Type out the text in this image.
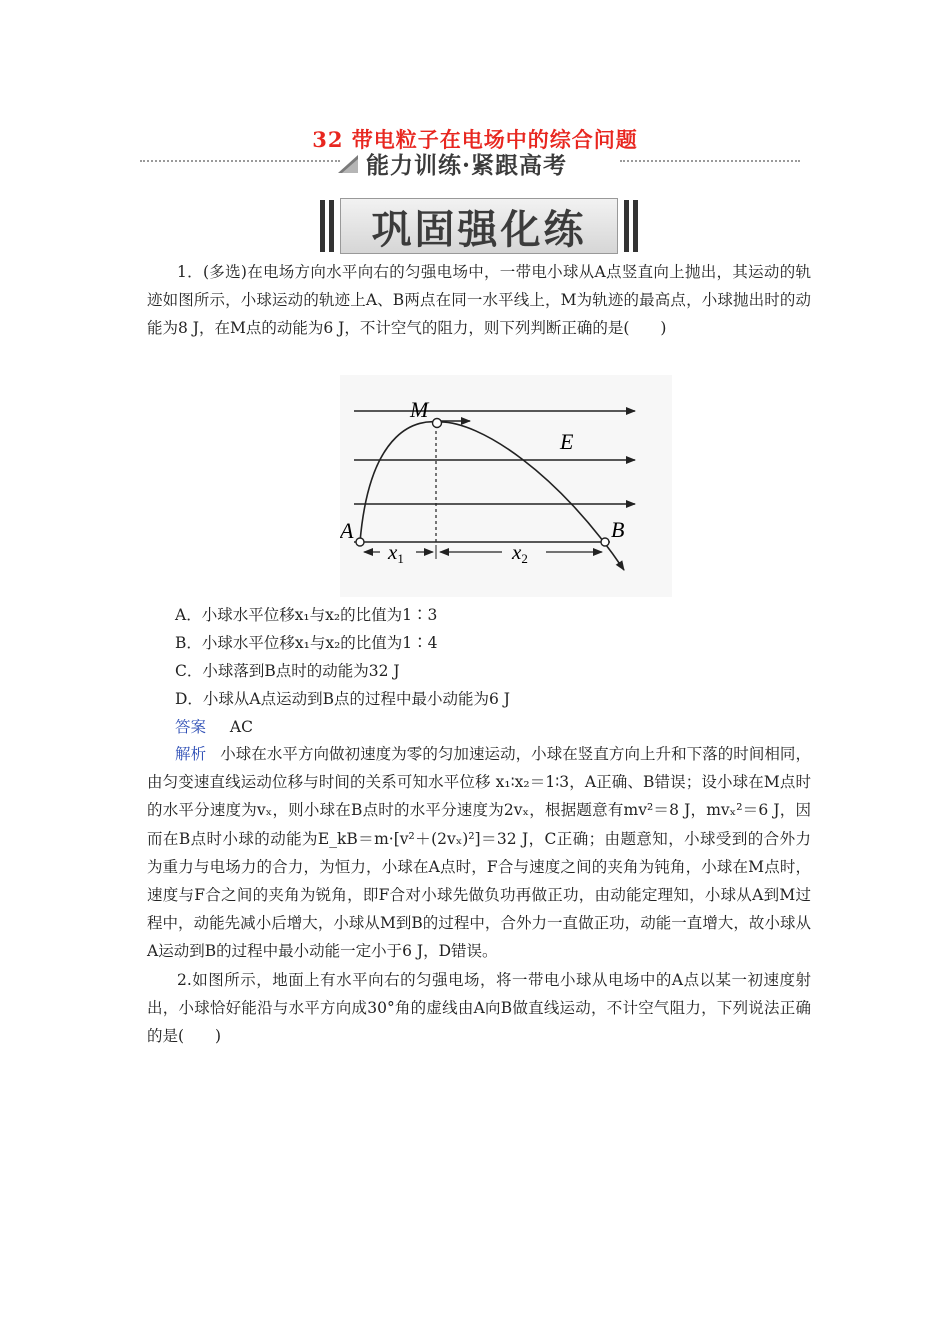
32 带电粒子在电场中的综合问题
能力训练·紧跟高考
巩固强化练
1．(多选)在电场方向水平向右的匀强电场中，一带电小球从A点竖直向上抛出，其运动的轨迹如图所示，小球运动的轨迹上A、B两点在同一水平线上，M为轨迹的最高点，小球抛出时的动能为8 J，在M点的动能为6 J，不计空气的阻力，则下列判断正确的是(　　)
M
E
A	B
x1	x2
A．小球水平位移x₁与x₂的比值为1∶3
B．小球水平位移x₁与x₂的比值为1∶4
C．小球落到B点时的动能为32 J
D．小球从A点运动到B点的过程中最小动能为6 J
答案 AC
解析 小球在水平方向做初速度为零的匀加速运动，小球在竖直方向上升和下落的时间相同，由匀变速直线运动位移与时间的关系可知水平位移 x₁∶x₂＝1∶3，A正确、B错误；设小球在M点时的水平分速度为vₓ，则小球在B点时的水平分速度为2vₓ，根据题意有mv²＝8 J，mvₓ²＝6 J，因而在B点时小球的动能为E_kB＝m·[v²＋(2vₓ)²]＝32 J，C正确；由题意知，小球受到的合外力为重力与电场力的合力，为恒力，小球在A点时，F合与速度之间的夹角为钝角，小球在M点时，速度与F合之间的夹角为锐角，即F合对小球先做负功再做正功，由动能定理知，小球从A到M过程中，动能先减小后增大，小球从M到B的过程中，合外力一直做正功，动能一直增大，故小球从A运动到B的过程中最小动能一定小于6 J，D错误。
2.如图所示，地面上有水平向右的匀强电场，将一带电小球从电场中的A点以某一初速度射出，小球恰好能沿与水平方向成30°角的虚线由A向B做直线运动，不计空气阻力，下列说法正确的是(　　)
